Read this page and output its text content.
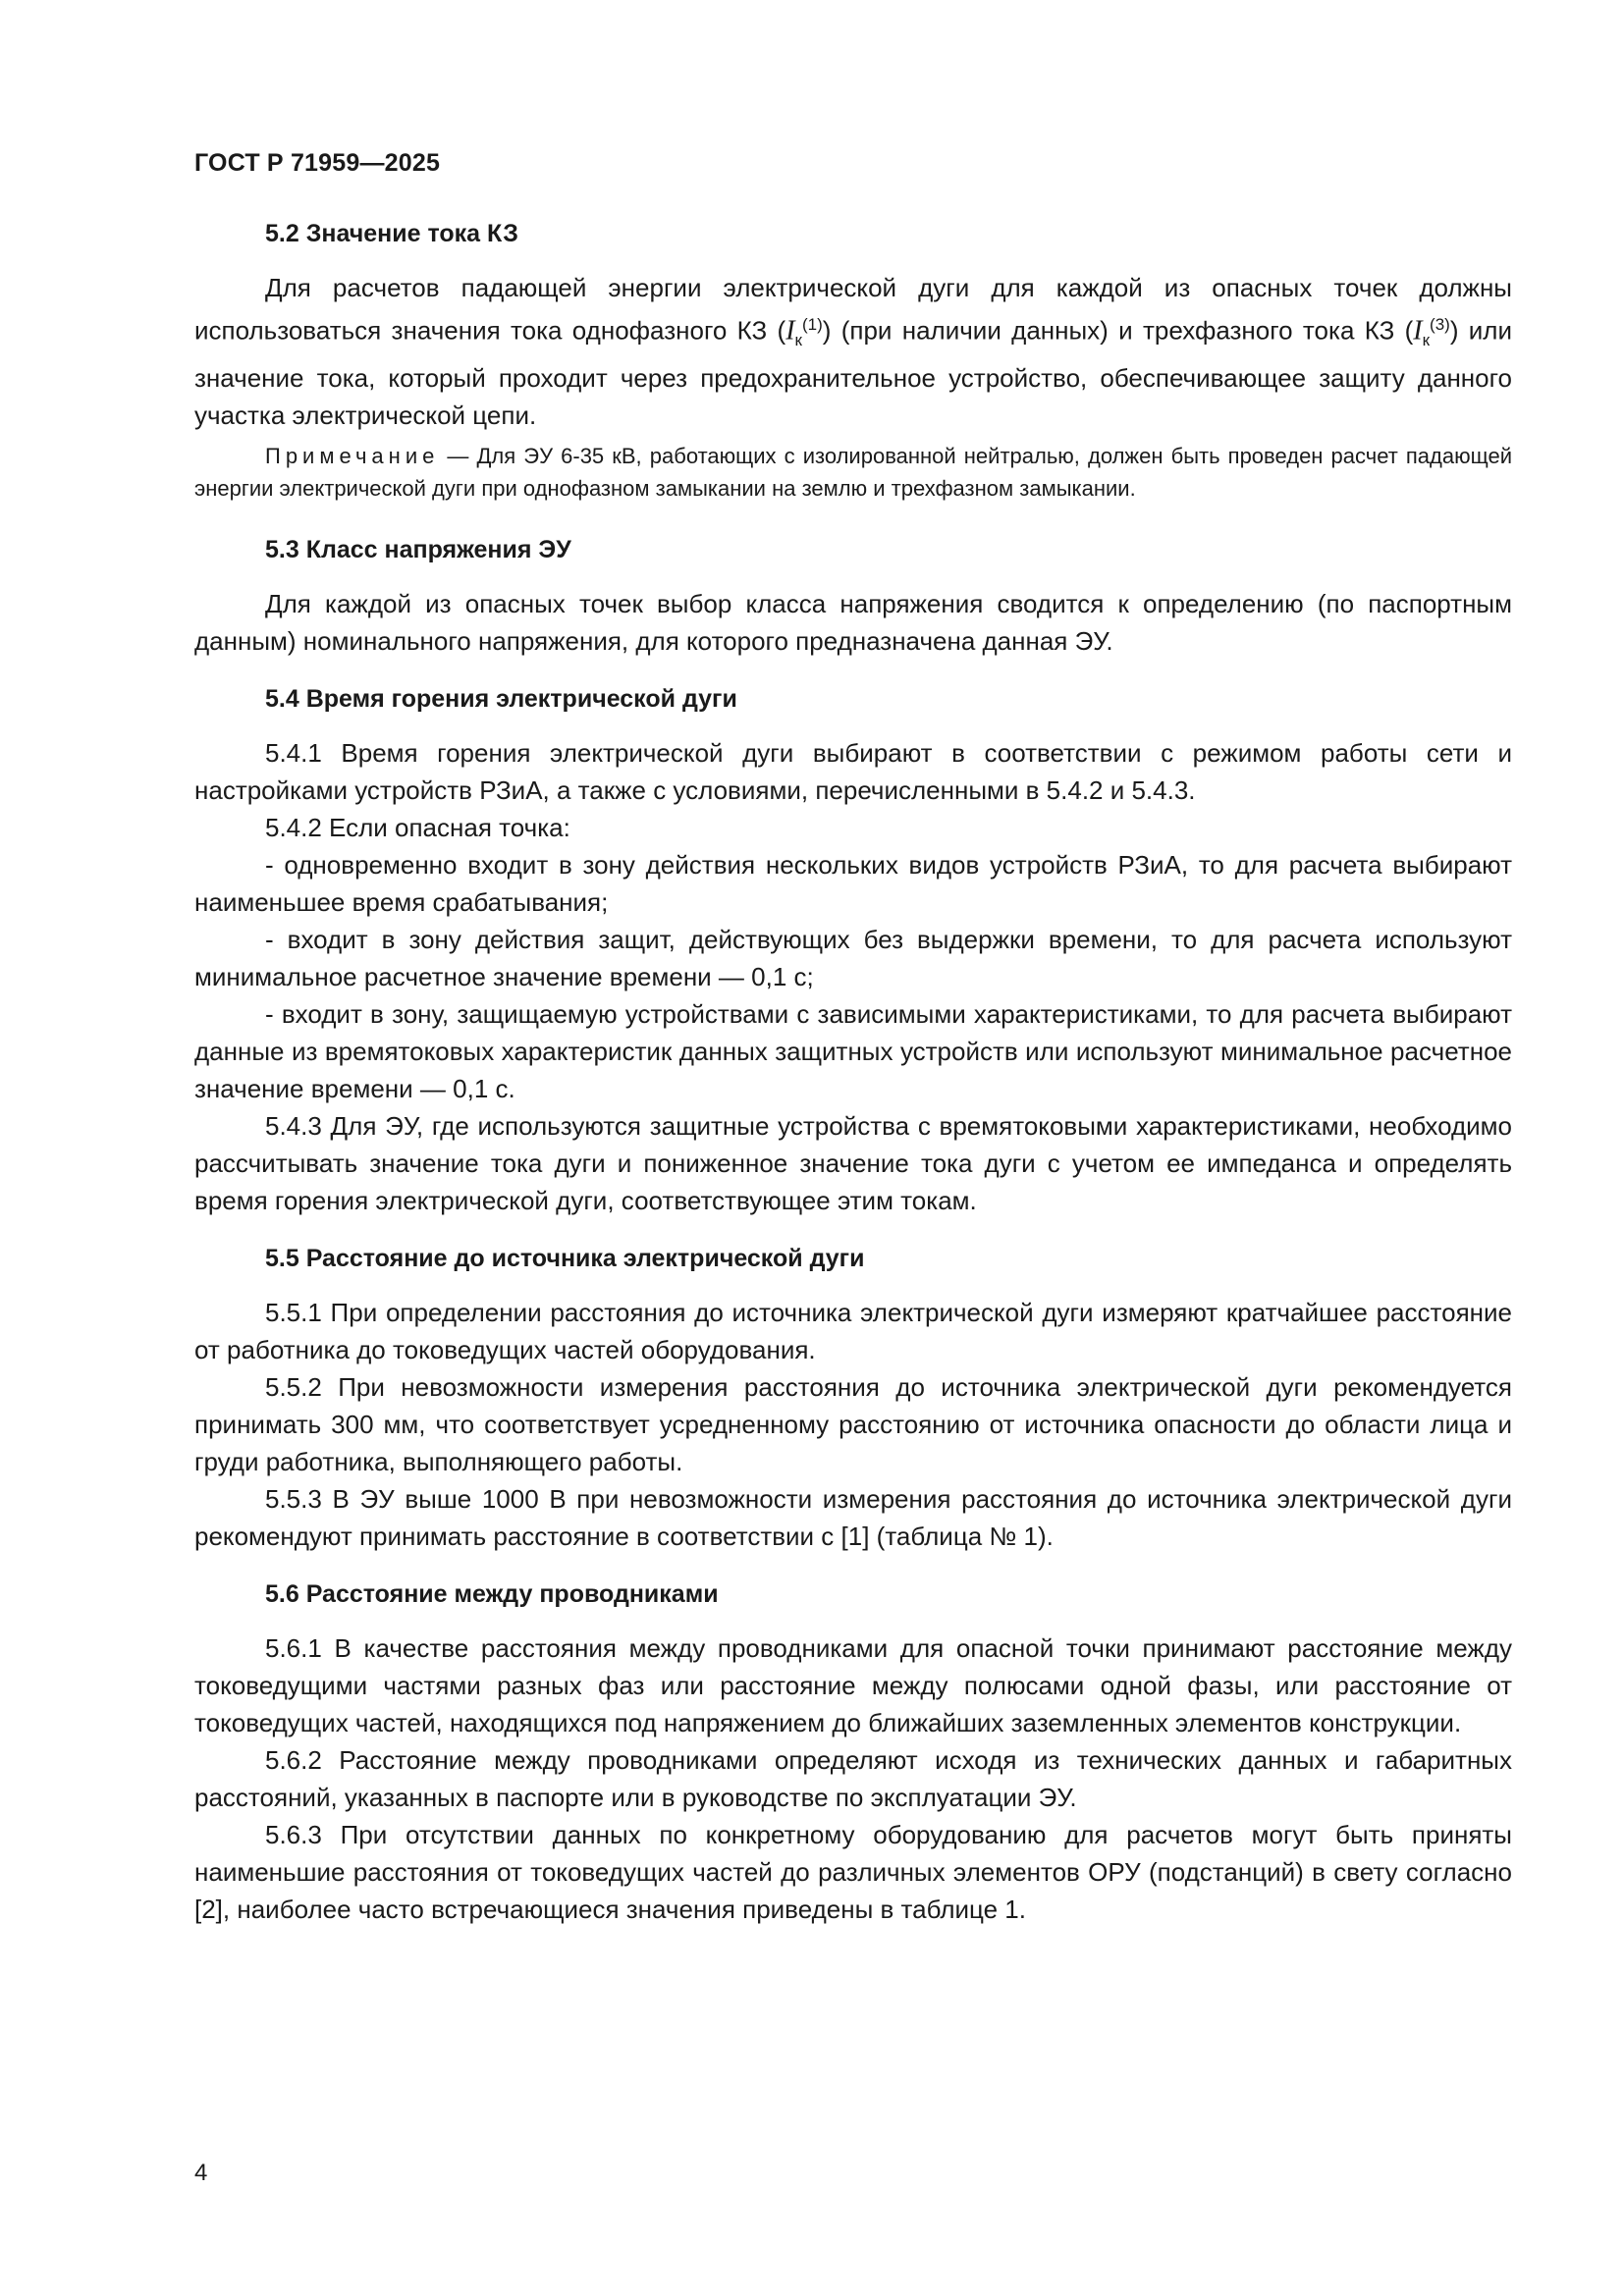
ГОСТ Р 71959—2025
5.2 Значение тока КЗ

Для расчетов падающей энергии электрической дуги для каждой из опасных точек должны использоваться значения тока однофазного КЗ $(I_к^{(1)})$ (при наличии данных) и трехфазного тока КЗ $(I_к^{(3)})$ или значение тока, который проходит через предохранительное устройство, обеспечивающее защиту данного участка электрической цепи.

Примечание — Для ЭУ 6-35 кВ, работающих с изолированной нейтралью, должен быть проведен расчет падающей энергии электрической дуги при однофазном замыкании на землю и трехфазном замыкании.

5.3 Класс напряжения ЭУ

Для каждой из опасных точек выбор класса напряжения сводится к определению (по паспортным данным) номинального напряжения, для которого предназначена данная ЭУ.

5.4 Время горения электрической дуги

5.4.1 Время горения электрической дуги выбирают в соответствии с режимом работы сети и настройками устройств РЗиА, а также с условиями, перечисленными в 5.4.2 и 5.4.3.

5.4.2 Если опасная точка:

- одновременно входит в зону действия нескольких видов устройств РЗиА, то для расчета выбирают наименьшее время срабатывания;

- входит в зону действия защит, действующих без выдержки времени, то для расчета используют минимальное расчетное значение времени — 0,1 с;

- входит в зону, защищаемую устройствами с зависимыми характеристиками, то для расчета выбирают данные из времятоковых характеристик данных защитных устройств или используют минимальное расчетное значение времени — 0,1 с.

5.4.3 Для ЭУ, где используются защитные устройства с времятоковыми характеристиками, необходимо рассчитывать значение тока дуги и пониженное значение тока дуги с учетом ее импеданса и определять время горения электрической дуги, соответствующее этим токам.

5.5 Расстояние до источника электрической дуги

5.5.1 При определении расстояния до источника электрической дуги измеряют кратчайшее расстояние от работника до токоведущих частей оборудования.

5.5.2 При невозможности измерения расстояния до источника электрической дуги рекомендуется принимать 300 мм, что соответствует усредненному расстоянию от источника опасности до области лица и груди работника, выполняющего работы.

5.5.3 В ЭУ выше 1000 В при невозможности измерения расстояния до источника электрической дуги рекомендуют принимать расстояние в соответствии с [1] (таблица № 1).

5.6 Расстояние между проводниками

5.6.1 В качестве расстояния между проводниками для опасной точки принимают расстояние между токоведущими частями разных фаз или расстояние между полюсами одной фазы, или расстояние от токоведущих частей, находящихся под напряжением до ближайших заземленных элементов конструкции.

5.6.2 Расстояние между проводниками определяют исходя из технических данных и габаритных расстояний, указанных в паспорте или в руководстве по эксплуатации ЭУ.

5.6.3 При отсутствии данных по конкретному оборудованию для расчетов могут быть приняты наименьшие расстояния от токоведущих частей до различных элементов ОРУ (подстанций) в свету согласно [2], наиболее часто встречающиеся значения приведены в таблице 1.

4
